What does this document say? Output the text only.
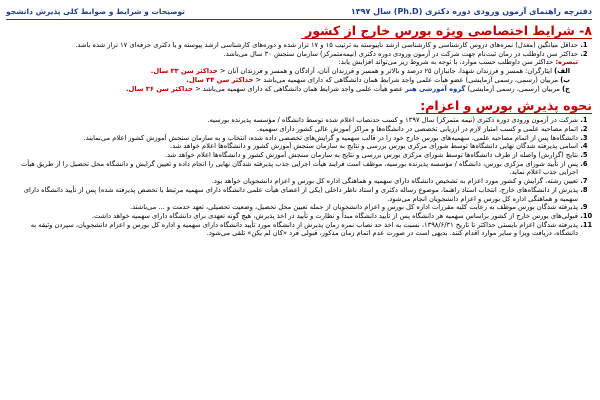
دفترچه راهنمای آزمون ورودی دوره دکتری (Ph.D) سال ۱۳۹۷
توضیحات و شرایط و ضوابط کلی پذیرش دانشجو
۸- شرایط اختصاصی ویژه بورس خارج از کشور
1. حداقل میانگین (معدل) نمره‌های دروس کارشناسی و کارشناسی ارشد ناپیوسته به ترتیب ۱۵ و ۱۷ تراز شده و دوره‌های کارشناسی ارشد پیوسته و یا دکتری حرفه‌ای ۱۷ تراز شده باشد.
2. حداکثر سن داوطلب در زمان ثبت‌نام جهت شرکت در آزمون ورودی دوره دکتری (نیمه‌متمرکز) سازمان سنجش ۳۰ سال می‌باشد.

تبصره: حداکثر سن داوطلب حسب موارد، با توجه به شروط زیر می‌تواند افزایش یابد:

الف) ایثارگران: همسر و فرزندان شهدا، جانبازان ۲۵ درصد و بالاتر و همسر و فرزندان آنان، آزادگان و همسر و فرزندان آنان < حداکثر سن ۳۳ سال.

ب) مربیان (رسمی، رسمی آزمایشی) عضو هیأت علمی واجد شرایط همان دانشگاهی که دارای سهمیه می‌باشد < حداکثر سن ۳۴ سال.

ج) مربیان (رسمی، رسمی آزمایشی) گروه آموزشی هنر عضو هیأت علمی واجد شرایط همان دانشگاهی که دارای سهمیه می‌باشد < حداکثر سن ۳۶ سال.

نحوه پذیرش بورس و اعزام:
1. شرکت در آزمون ورودی دوره دکتری (نیمه متمرکز) سال ۱۳۹۷ و کسب حدنصاب اعلام شده توسط دانشگاه / مؤسسه پذیرنده بورسیه.
2. اتمام مصاحبه علمی و کسب امتیاز لازم در ارزیابی تخصصی در دانشگاه‌ها و مراکز آموزش عالی کشور دارای سهمیه.
3. دانشگاه‌ها پس از اتمام مصاحبه علمی، سهمیه‌های بورس خارج خود را در قالب سهمیه و گرایش‌های تخصصی داده شده، انتخاب و به سازمان سنجش آموزش کشور اعلام می‌نمایند.
4. اسامی پذیرفته شدگان نهایی دانشگاه‌ها توسط شورای مرکزی بورس بررسی و نتایج به سازمان سنجش آموزش کشور و دانشگاه‌ها اعلام خواهد شد.
5. نتایج (گزارش) واصله از طرف دانشگاه‌ها توسط شورای مرکزی بورس بررسی و نتایج به سازمان سنجش آموزش کشور و دانشگاه‌ها اعلام خواهد شد.
6. پس از تأیید شورای مرکزی بورس، دانشگاه / مؤسسه پذیرنده بورسیه، موظف است فرایند هیأت اجرایی جذب پذیرفته شدگان نهایی را انجام داده و تعیین گرایش و دانشگاه محل تحصیل را از طریق هیأت اجرایی جذب اعلام نماید.
7. تعیین رشته، گرایش و کشور مورد اعزام به تشخیص دانشگاه دارای سهمیه و هماهنگی اداره کل بورس و اعزام دانشجویان خواهد بود.
8. پذیرش از دانشگاه‌های خارج، انتخاب استاد راهنما، موضوع رساله دکتری و استاد ناظر داخلی (یکی از اعضای هیأت علمی دانشگاه دارای سهمیه مرتبط با تخصص پذیرفته شده) پس از تأیید دانشگاه دارای سهمیه و هماهنگی اداره کل بورس و اعزام دانشجویان انجام می‌شود.
9. پذیرفته شدگان بورس موظف به رعایت کلیه مقررات اداره کل بورس و اعزام دانشجویان از جمله تعیین محل تحصیل، وضعیت تحصیلی، تعهد خدمت و ... می‌باشند.
10. قبولی‌های بورس خارج از کشور براساس سهمیه هر دانشگاه پس از تأیید دانشگاه مبدأ و نظارت و تأیید در اخذ پذیرش، هیچ گونه تعهدی برای دانشگاه دارای سهمیه خواهد داشت.
11. پذیرفته شدگان اعزام بایستی حداکثر تا تاریخ ۱۳۹۸/۶/۳۱، نسبت به اخذ حد نصاب نمره زمان پذیرش از دانشگاه مورد تأیید دانشگاه دارای سهمیه و اداره کل بورس و اعزام دانشجویان، سپردن وثیقه به دانشگاه، دریافت ویزا و سایر موارد اقدام کنند. بدیهی است در صورت عدم اتمام زمان مذکور، قبولی فرد «کان لم یکن» تلقی می‌شود.
